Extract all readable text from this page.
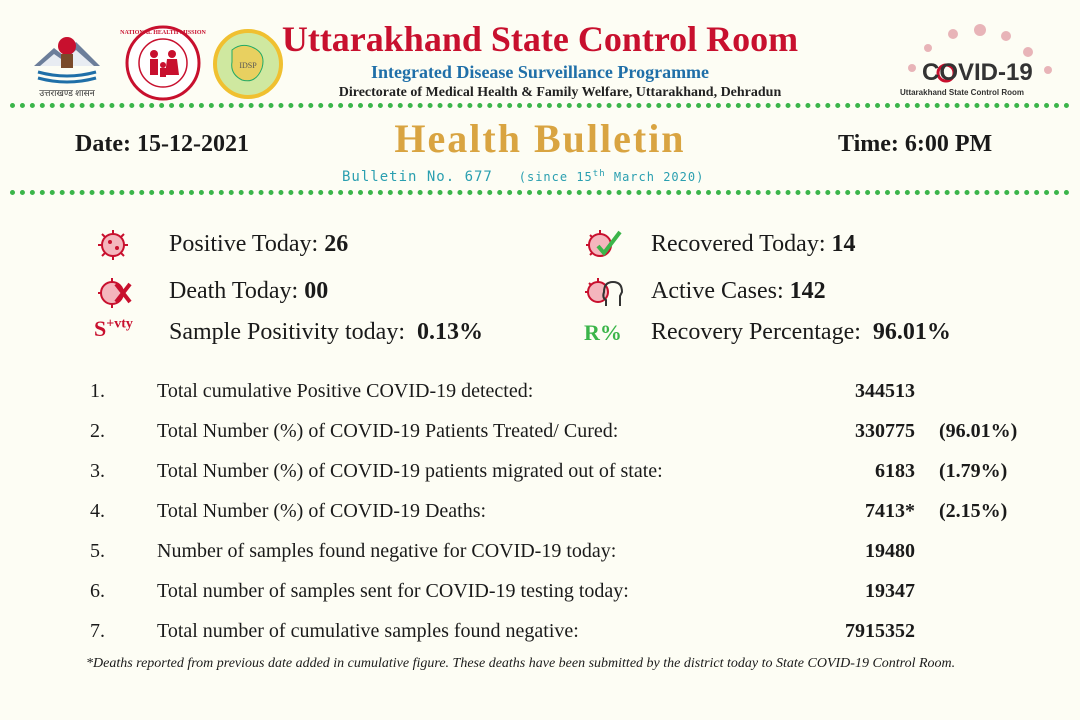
उत्तराखण्ड शासन
NATIONAL HEALTH MISSION
IDSP	COVID-19
Uttarakhand State Control Room
Uttarakhand State Control Room
Integrated Disease Surveillance Programme
Directorate of Medical Health & Family Welfare, Uttarakhand, Dehradun
Date: 15-12-2021	Health Bulletin	Time: 6:00 PM
Bulletin No. 677 (since 15th March 2020)
Positive Today: 26	Recovered Today: 14
Death Today: 00	Active Cases: 142
$S^{+vty}$ Sample Positivity today: 0.13%	R% Recovery Percentage: 96.01%
1.	Total cumulative Positive COVID-19 detected:	344513
2.	Total Number (%) of COVID-19 Patients Treated/ Cured:	330775 (96.01%)
3.	Total Number (%) of COVID-19 patients migrated out of state:	6183 (1.79%)
4.	Total Number (%) of COVID-19 Deaths:	7413* (2.15%)
5.	Number of samples found negative for COVID-19 today:	19480
6.	Total number of samples sent for COVID-19 testing today:	19347
7.	Total number of cumulative samples found negative:	7915352
*Deaths reported from previous date added in cumulative figure. These deaths have been submitted by the district today to State COVID-19 Control Room.
